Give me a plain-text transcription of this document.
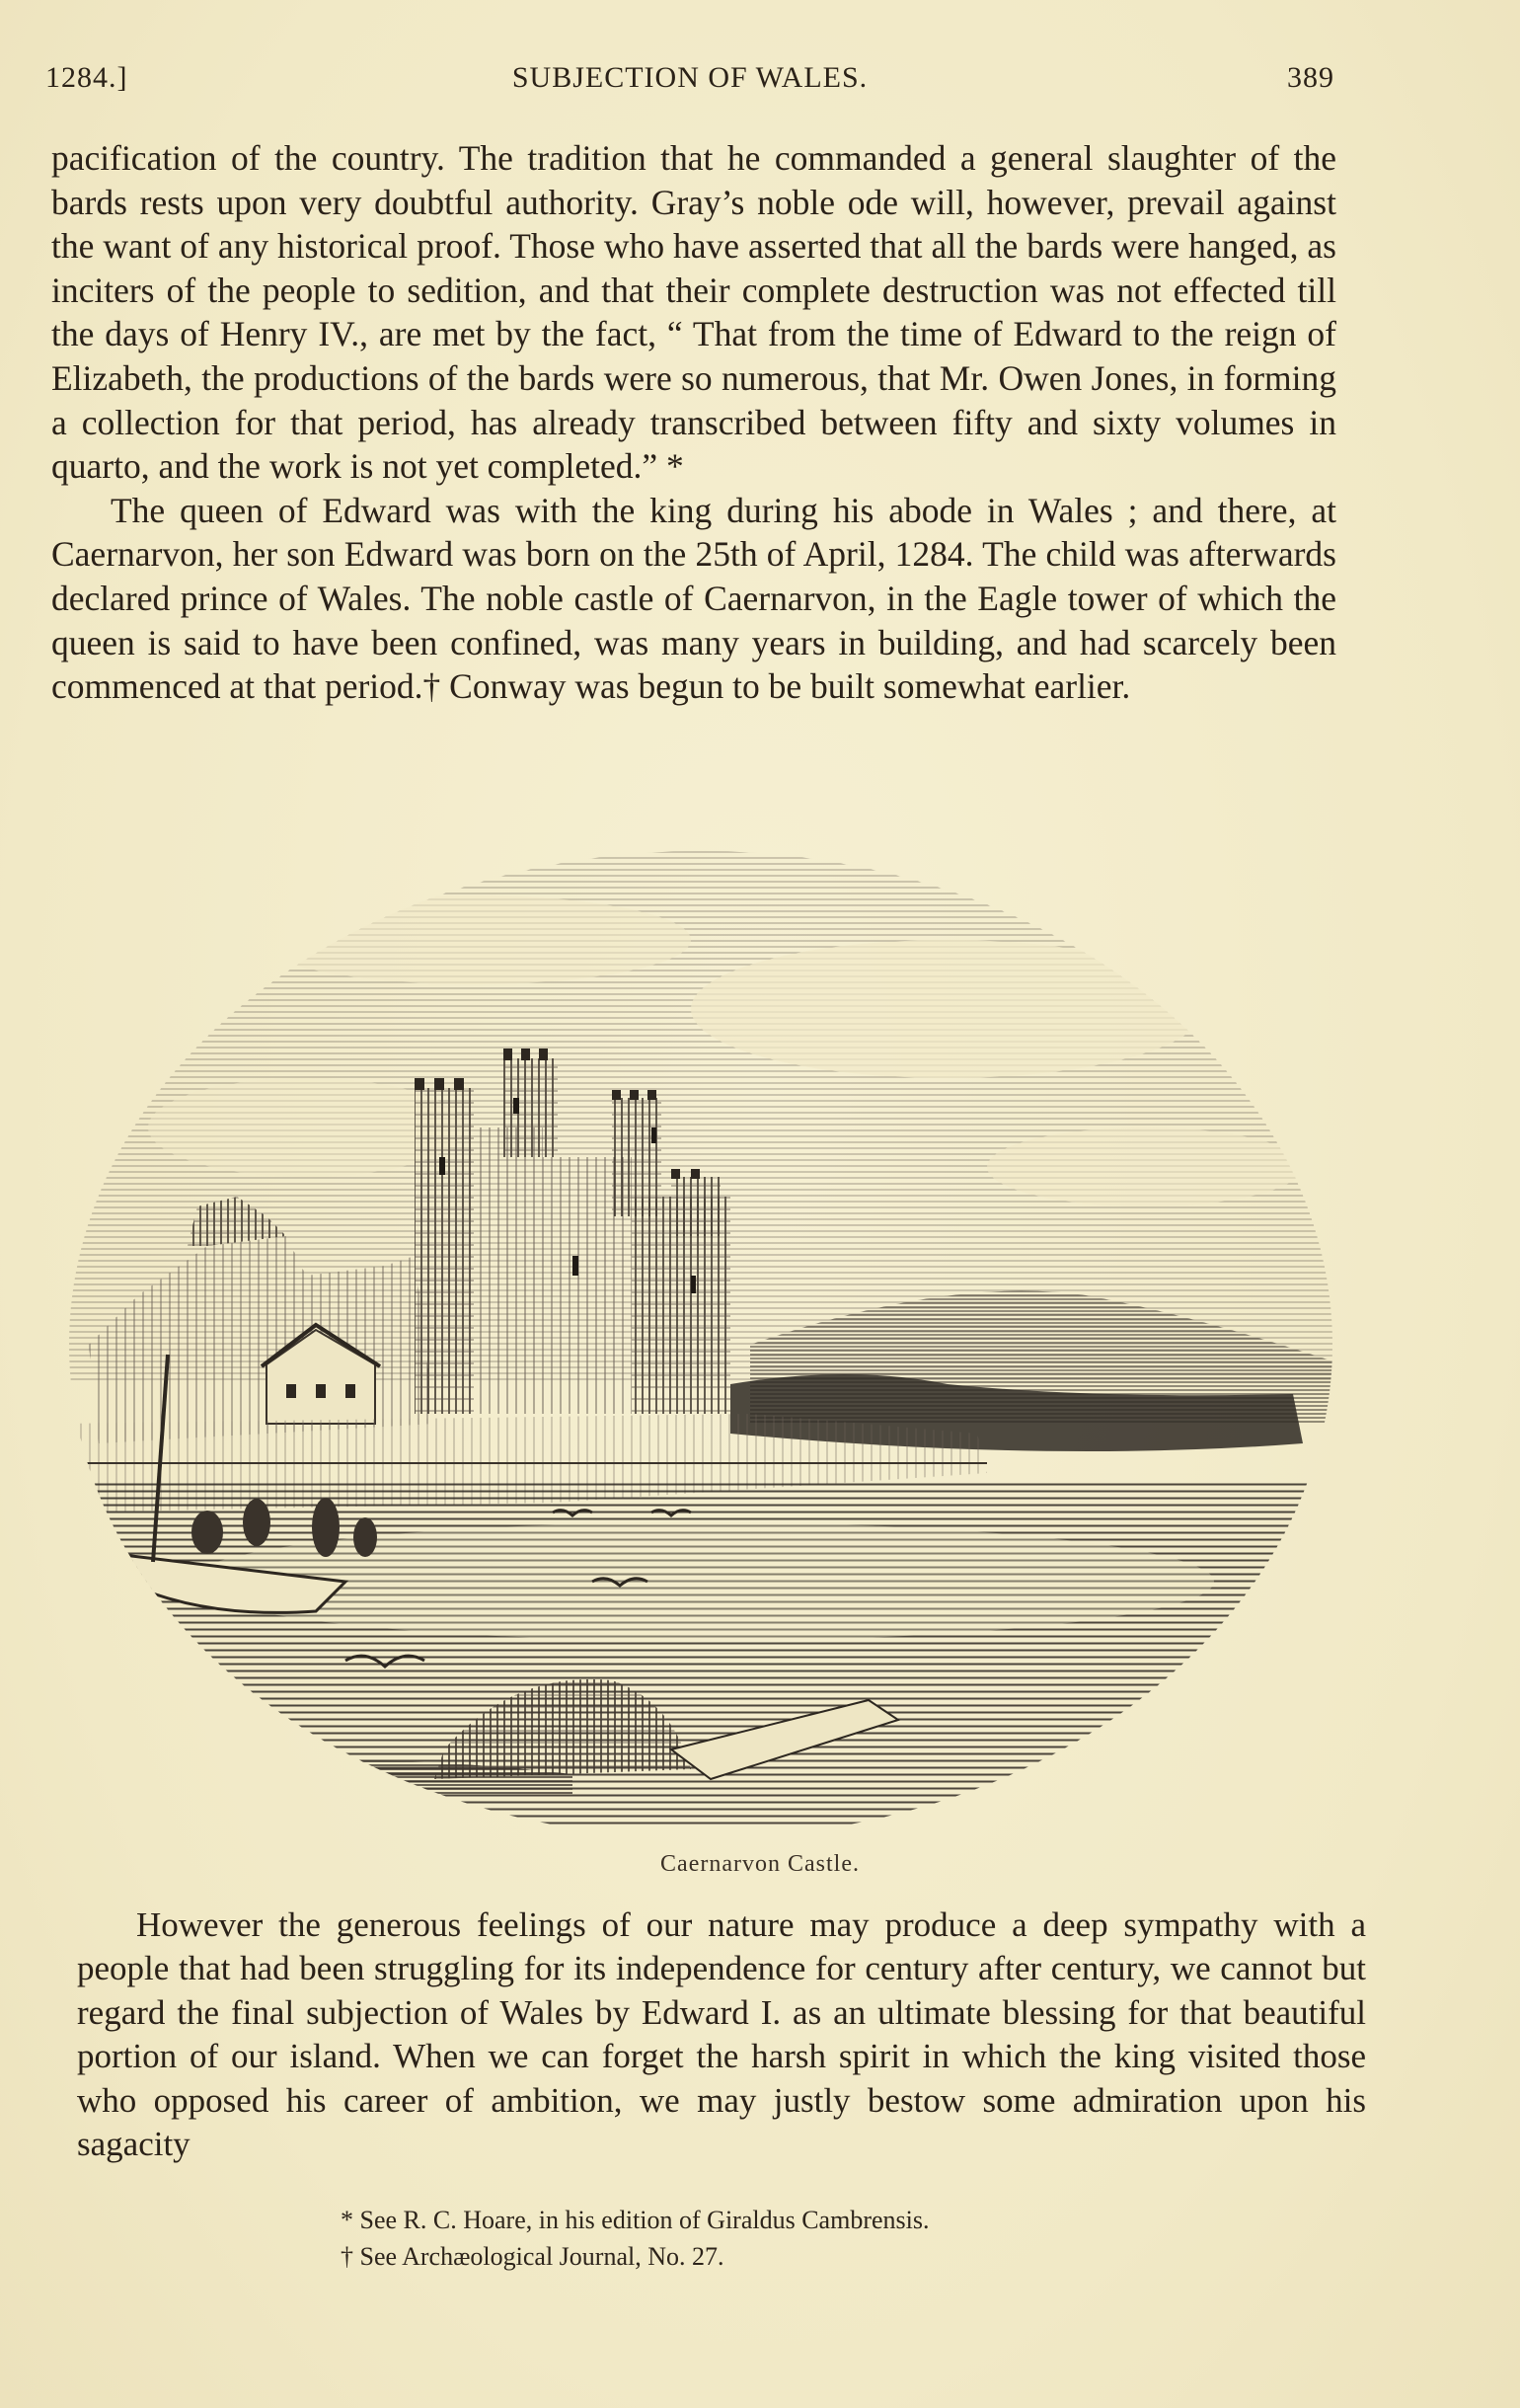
1284.]	SUBJECTION OF WALES.	389

pacification of the country. The tradition that he commanded a general slaughter of the bards rests upon very doubtful authority. Gray’s noble ode will, however, prevail against the want of any historical proof. Those who have asserted that all the bards were hanged, as inciters of the people to sedition, and that their complete destruction was not effected till the days of Henry IV., are met by the fact, “ That from the time of Edward to the reign of Elizabeth, the productions of the bards were so numerous, that Mr. Owen Jones, in forming a collection for that period, has already transcribed between fifty and sixty volumes in quarto, and the work is not yet completed.” *

The queen of Edward was with the king during his abode in Wales ; and there, at Caernarvon, her son Edward was born on the 25th of April, 1284. The child was afterwards declared prince of Wales. The noble castle of Caernarvon, in the Eagle tower of which the queen is said to have been confined, was many years in building, and had scarcely been commenced at that period.† Conway was begun to be built somewhat earlier.

Caernarvon Castle.

However the generous feelings of our nature may produce a deep sympathy with a people that had been struggling for its independence for century after century, we cannot but regard the final subjection of Wales by Edward I. as an ultimate blessing for that beautiful portion of our island. When we can forget the harsh spirit in which the king visited those who opposed his career of ambition, we may justly bestow some admiration upon his sagacity

* See R. C. Hoare, in his edition of Giraldus Cambrensis.
† See Archæological Journal, No. 27.
